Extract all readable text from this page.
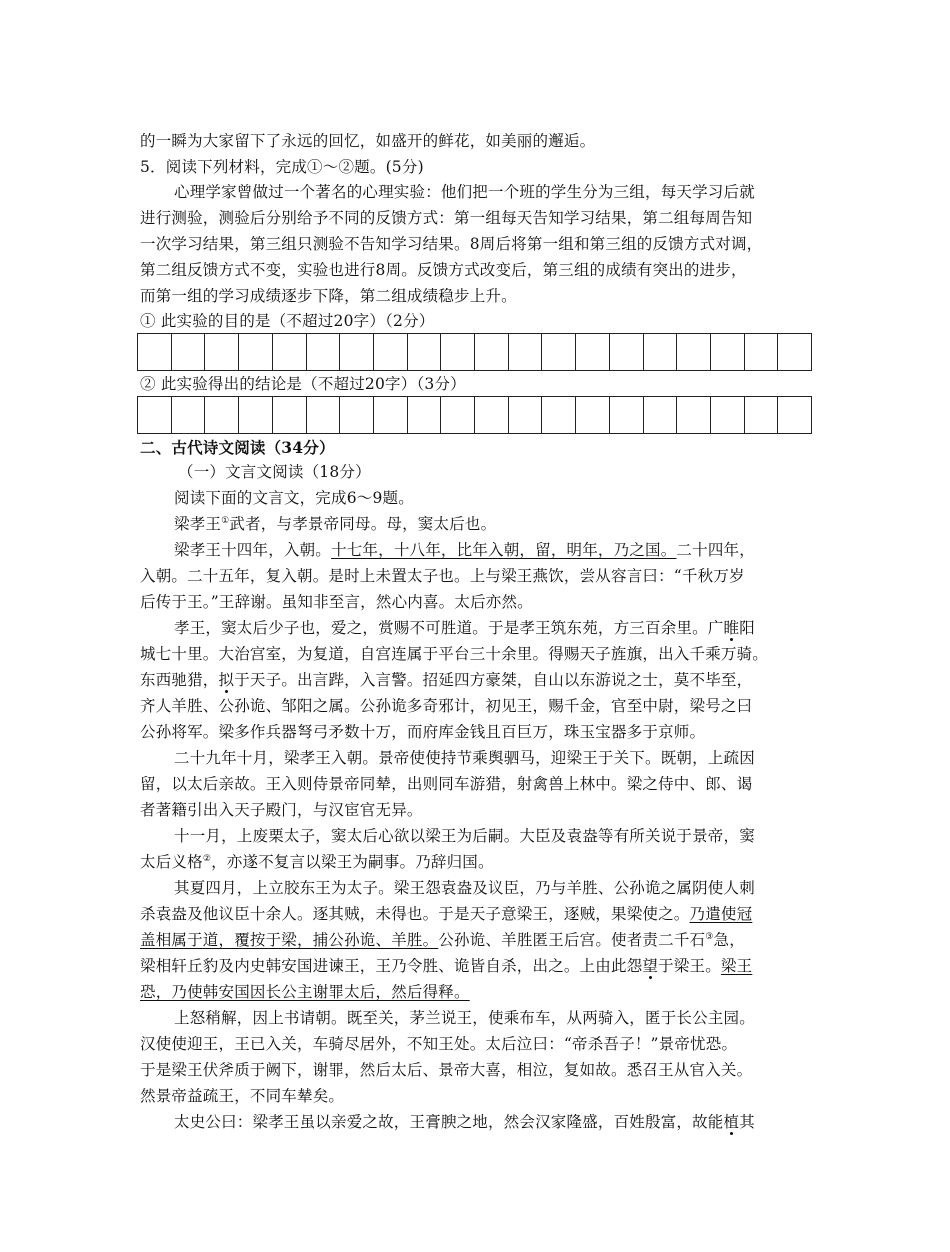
的一瞬为大家留下了永远的回忆，如盛开的鲜花，如美丽的邂逅。
5．阅读下列材料，完成①～②题。(5分)
心理学家曾做过一个著名的心理实验：他们把一个班的学生分为三组，每天学习后就
进行测验，测验后分别给予不同的反馈方式：第一组每天告知学习结果，第二组每周告知
一次学习结果，第三组只测验不告知学习结果。8周后将第一组和第三组的反馈方式对调，
第二组反馈方式不变，实验也进行8周。反馈方式改变后，第三组的成绩有突出的进步，
而第一组的学习成绩逐步下降，第二组成绩稳步上升。
① 此实验的目的是（不超过20字）（2分）
② 此实验得出的结论是（不超过20字）（3分）
二、古代诗文阅读（34分）
（一）文言文阅读（18分）
阅读下面的文言文，完成6～9题。
梁孝王①武者，与孝景帝同母。母，窦太后也。
梁孝王十四年，入朝。十七年，十八年，比年入朝，留，明年，乃之国。二十四年，
入朝。二十五年，复入朝。是时上未置太子也。上与梁王燕饮，尝从容言曰：“千秋万岁
后传于王。”王辞谢。虽知非至言，然心内喜。太后亦然。
孝王，窦太后少子也，爱之，赏赐不可胜道。于是孝王筑东苑，方三百余里。广睢阳
城七十里。大治宫室，为复道，自宫连属于平台三十余里。得赐天子旌旗，出入千乘万骑。
东西驰猎，拟于天子。出言跸，入言警。招延四方豪桀，自山以东游说之士，莫不毕至，
齐人羊胜、公孙诡、邹阳之属。公孙诡多奇邪计，初见王，赐千金，官至中尉，梁号之曰
公孙将军。梁多作兵器弩弓矛数十万，而府库金钱且百巨万，珠玉宝器多于京师。
二十九年十月，梁孝王入朝。景帝使使持节乘舆驷马，迎梁王于关下。既朝，上疏因
留，以太后亲故。王入则侍景帝同辇，出则同车游猎，射禽兽上林中。梁之侍中、郎、谒
者著籍引出入天子殿门，与汉宦官无异。
十一月，上废栗太子，窦太后心欲以梁王为后嗣。大臣及袁盎等有所关说于景帝，窦
太后义格②，亦遂不复言以梁王为嗣事。乃辞归国。
其夏四月，上立胶东王为太子。梁王怨袁盎及议臣，乃与羊胜、公孙诡之属阴使人刺
杀袁盎及他议臣十余人。逐其贼，未得也。于是天子意梁王，逐贼，果梁使之。乃遣使冠
盖相属于道，覆按于梁，捕公孙诡、羊胜。公孙诡、羊胜匿王后宫。使者责二千石③急，
梁相轩丘豹及内史韩安国进谏王，王乃令胜、诡皆自杀，出之。上由此怨望于梁王。梁王
恐，乃使韩安国因长公主谢罪太后，然后得释。
上怒稍解，因上书请朝。既至关，茅兰说王，使乘布车，从两骑入，匿于长公主园。
汉使使迎王，王已入关，车骑尽居外，不知王处。太后泣曰：“帝杀吾子！”景帝忧恐。
于是梁王伏斧质于阙下，谢罪，然后太后、景帝大喜，相泣，复如故。悉召王从官入关。
然景帝益疏王，不同车辇矣。
太史公曰：梁孝王虽以亲爱之故，王膏腴之地，然会汉家隆盛，百姓殷富，故能植其
